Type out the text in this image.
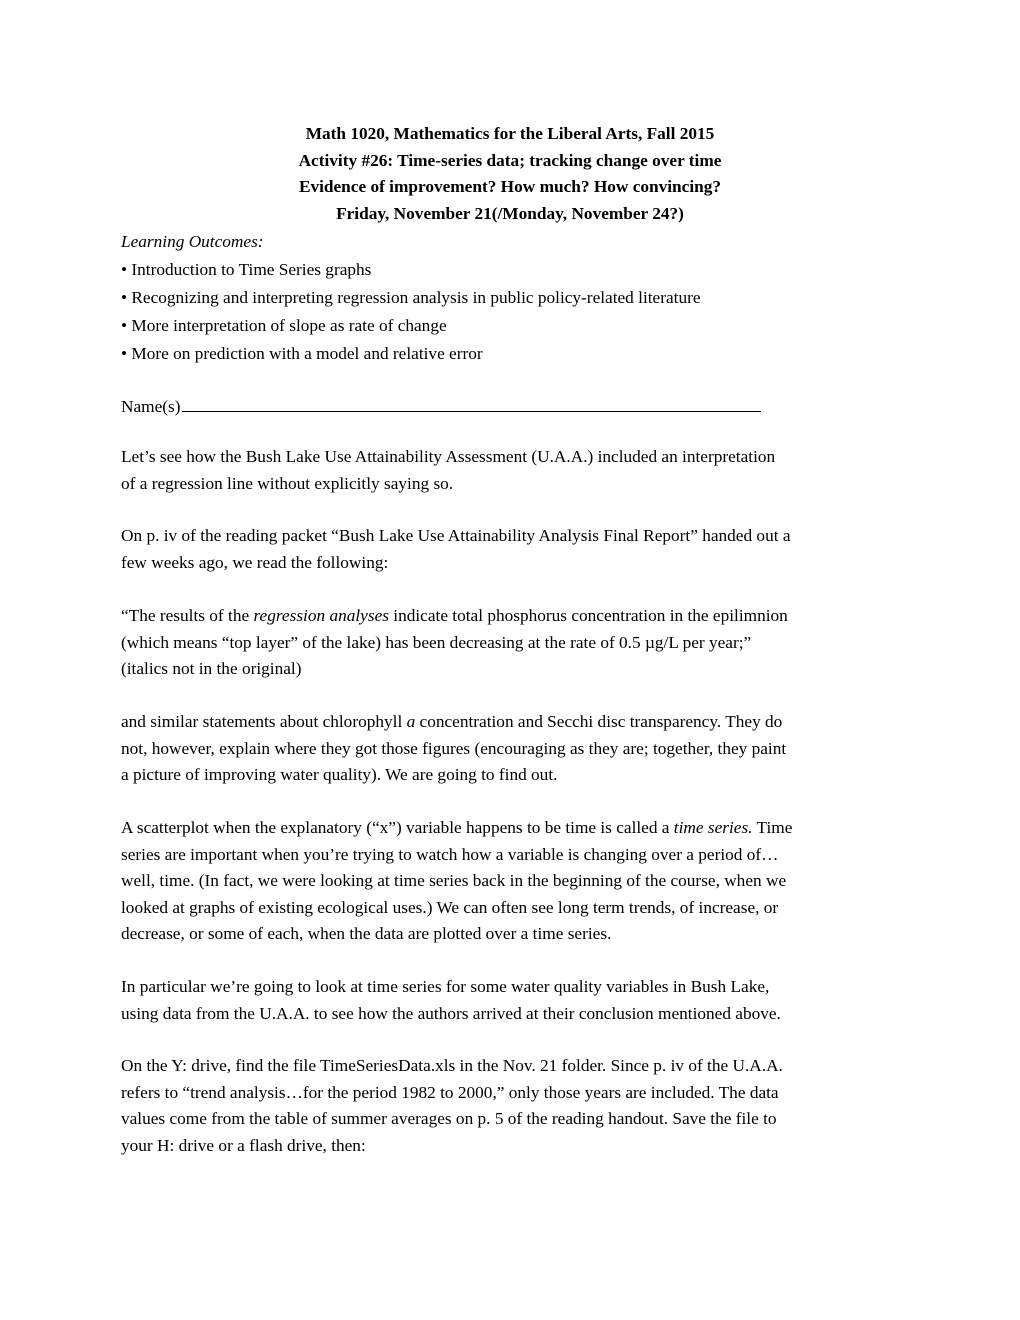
Math 1020, Mathematics for the Liberal Arts, Fall 2015
Activity #26: Time-series data; tracking change over time
Evidence of improvement? How much? How convincing?
Friday, November 21(/Monday, November 24?)
Learning Outcomes:
• Introduction to Time Series graphs
• Recognizing and interpreting regression analysis in public policy-related literature
• More interpretation of slope as rate of change
• More on prediction with a model and relative error
Name(s)
Let’s see how the Bush Lake Use Attainability Assessment (U.A.A.) included an interpretation
of a regression line without explicitly saying so.
On p. iv of the reading packet “Bush Lake Use Attainability Analysis Final Report” handed out a
few weeks ago, we read the following:
“The results of the regression analyses indicate total phosphorus concentration in the epilimnion
(which means “top layer” of the lake) has been decreasing at the rate of 0.5 µg/L per year;”
(italics not in the original)
and similar statements about chlorophyll a concentration and Secchi disc transparency. They do
not, however, explain where they got those figures (encouraging as they are; together, they paint
a picture of improving water quality). We are going to find out.
A scatterplot when the explanatory (“x”) variable happens to be time is called a time series. Time
series are important when you’re trying to watch how a variable is changing over a period of…
well, time. (In fact, we were looking at time series back in the beginning of the course, when we
looked at graphs of existing ecological uses.) We can often see long term trends, of increase, or
decrease, or some of each, when the data are plotted over a time series.
In particular we’re going to look at time series for some water quality variables in Bush Lake,
using data from the U.A.A. to see how the authors arrived at their conclusion mentioned above.
On the Y: drive, find the file TimeSeriesData.xls in the Nov. 21 folder. Since p. iv of the U.A.A.
refers to “trend analysis…for the period 1982 to 2000,” only those years are included. The data
values come from the table of summer averages on p. 5 of the reading handout. Save the file to
your H: drive or a flash drive, then:
